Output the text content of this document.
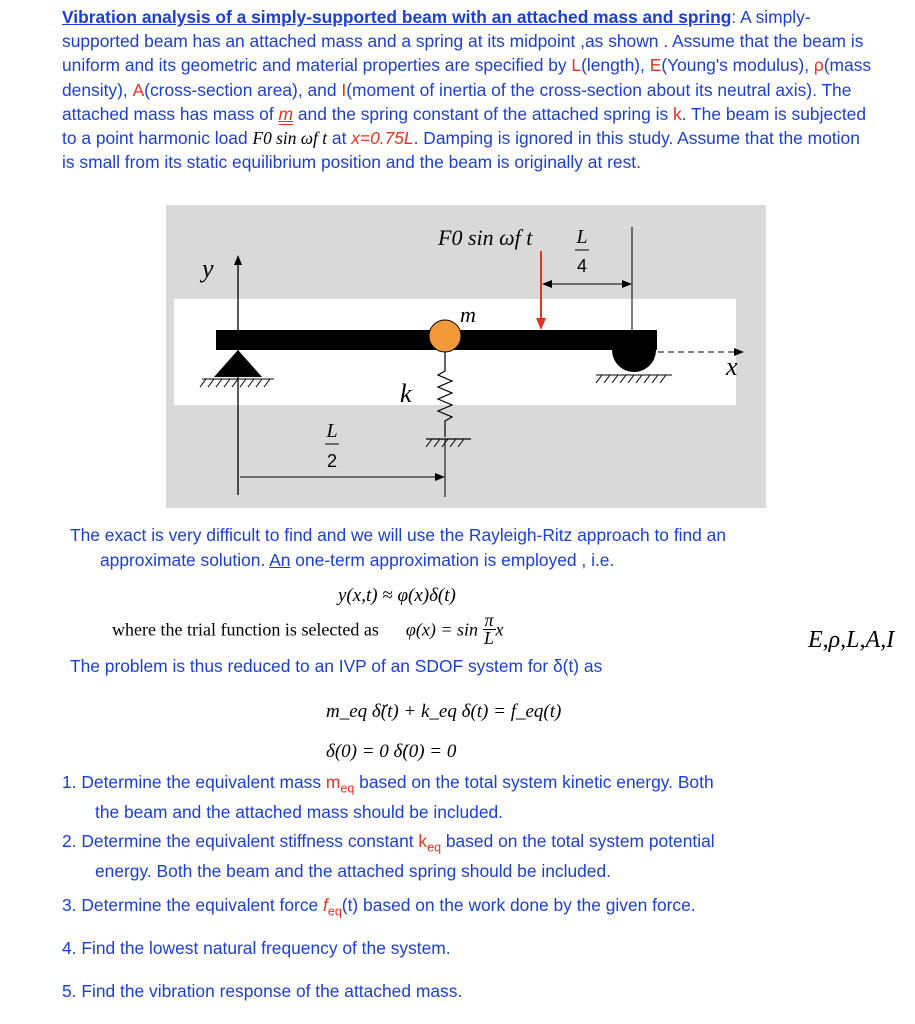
Vibration analysis of a simply-supported beam with an attached mass and spring: A simply-supported beam has an attached mass and a spring at its midpoint ,as shown . Assume that the beam is uniform and its geometric and material properties are specified by L(length), E(Young's modulus), ρ(mass density), A(cross-section area), and I(moment of inertia of the cross-section about its neutral axis). The attached mass has mass of m and the spring constant of the attached spring is k. The beam is subjected to a point harmonic load F0 sin ωf t at x=0.75L. Damping is ignored in this study. Assume that the motion is small from its static equilibrium position and the beam is originally at rest.

y
x
m
k
L
2
F0 sin ωf t L
4
E,ρ,L,A,I
The exact is very difficult to find and we will use the Rayleigh-Ritz approach to find an
approximate solution. An one-term approximation is employed , i.e.
y(x,t) ≈ φ(x)δ(t)
where the trial function is selected as $\varphi(x) = \sin \frac{\pi}{L}$ x
The problem is thus reduced to an IVP of an SDOF system for δ(t) as
m_eq δ̈(t) + k_eq δ(t) = f_eq(t)
δ(0) = 0 δ̇(0) = 0
1. Determine the equivalent mass $m_{eq}$ based on the total system kinetic energy. Both
the beam and the attached mass should be included.
2. Determine the equivalent stiffness constant $k_{eq}$ based on the total system potential
energy. Both the beam and the attached spring should be included.
3. Determine the equivalent force $f_{eq}(t)$ based on the work done by the given force.
4. Find the lowest natural frequency of the system.
5. Find the vibration response of the attached mass.
